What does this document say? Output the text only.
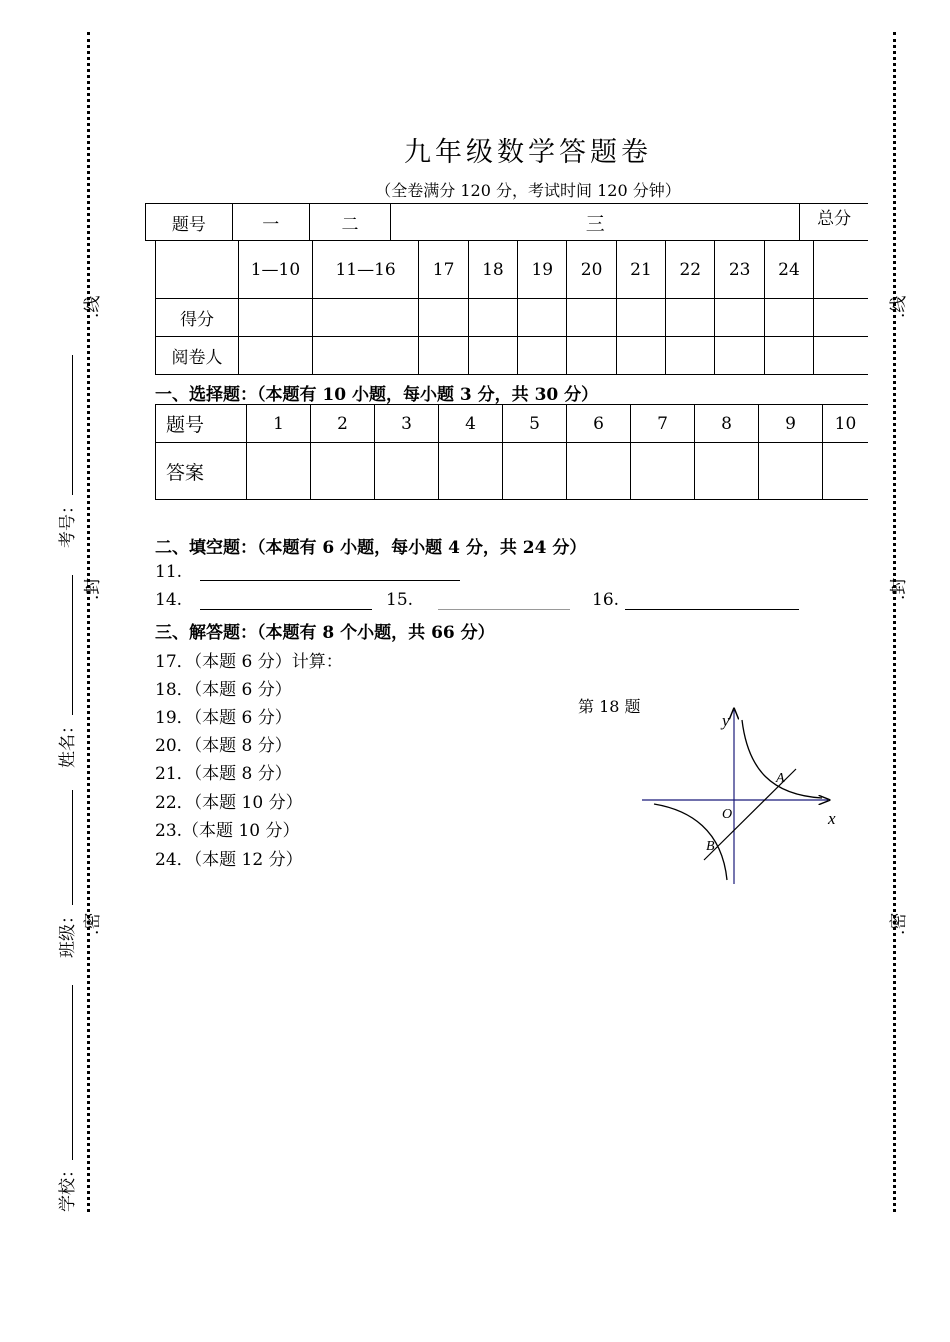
.线
.封
.密
考号：
姓名：
班级：
学校：
.线
.封
.密
九年级数学答题卷
（全卷满分 120 分，考试时间 120 分钟）
题号	一	二	三	总分
	1—10	11—16	17	18	19	20	21	22	23	24	
得分											
阅卷人											
一、选择题：（本题有 10 小题，每小题 3 分，共 30 分）
题号	1	2	3	4	5	6	7	8	9	10
答案										
二、填空题：（本题有 6 小题，每小题 4 分，共 24 分）
11.
14.	15.	16.
三、解答题：（本题有 8 个小题，共 66 分）
17．（本题 6 分）计算：
18．（本题 6 分）
19．（本题 6 分）
20．（本题 8 分）
21．（本题 8 分）
22．（本题 10 分）
23.（本题 10 分）
24．（本题 12 分）
第 18 题
y
x
O
A
B
